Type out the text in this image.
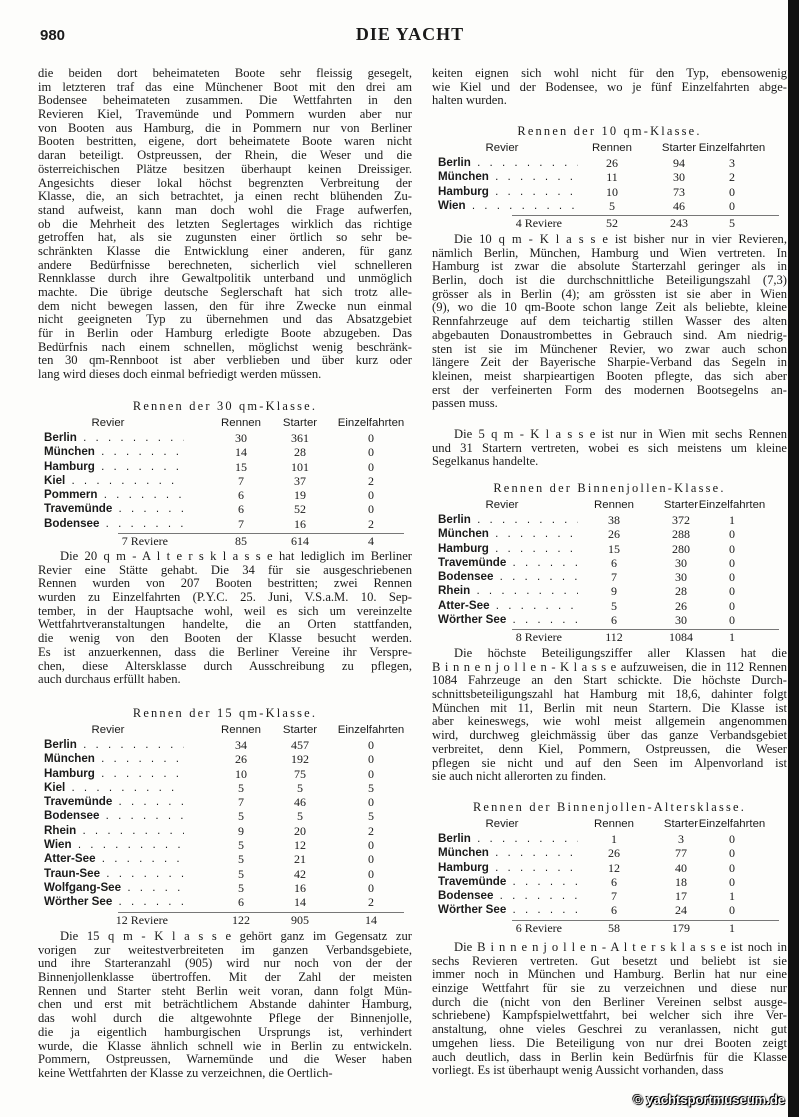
980	DIE YACHT
die beiden dort beheimateten Boote sehr fleissig gesegelt,
im letzteren traf das eine Münchener Boot mit den drei am
Bodensee beheimateten zusammen. Die Wettfahrten in den
Revieren Kiel, Travemünde und Pommern wurden aber nur
von Booten aus Hamburg, die in Pommern nur von Berliner
Booten bestritten, eigene, dort beheimatete Boote waren nicht
daran beteiligt. Ostpreussen, der Rhein, die Weser und die
österreichischen Plätze besitzen überhaupt keinen Dreissiger.
Angesichts dieser lokal höchst begrenzten Verbreitung der
Klasse, die, an sich betrachtet, ja einen recht blühenden Zu-
stand aufweist, kann man doch wohl die Frage aufwerfen,
ob die Mehrheit des letzten Seglertages wirklich das richtige
getroffen hat, als sie zugunsten einer örtlich so sehr be-
schränkten Klasse die Entwicklung einer anderen, für ganz
andere Bedürfnisse berechneten, sicherlich viel schnelleren
Rennklasse durch ihre Gewaltpolitik unterband und unmöglich
machte. Die übrige deutsche Seglerschaft hat sich trotz alle-
dem nicht bewegen lassen, den für ihre Zwecke nun einmal
nicht geeigneten Typ zu übernehmen und das Absatzgebiet
für in Berlin oder Hamburg erledigte Boote abzugeben. Das
Bedürfnis nach einem schnellen, möglichst wenig beschränk-
ten 30 qm-Rennboot ist aber verblieben und über kurz oder
lang wird dieses doch einmal befriedigt werden müssen.
Rennen der 30 qm-Klasse.
Revier	Rennen	Starter	Einzelfahrten
Berlin . . .	30	361	0
München . . .	14	28	0
Hamburg . . .	15	101	0
Kiel . . .	7	37	2
Pommern . . .	6	19	0
Travemünde . . .	6	52	0
Bodensee . . .	7	16	2
7 Reviere	85	614	4
Die 20 q m - A l t e r s k l a s s e hat lediglich im Berliner
Revier eine Stätte gehabt. Die 34 für sie ausgeschriebenen
Rennen wurden von 207 Booten bestritten; zwei Rennen
wurden zu Einzelfahrten (P.Y.C. 25. Juni, V.S.a.M. 10. Sep-
tember, in der Hauptsache wohl, weil es sich um vereinzelte
Wettfahrtveranstaltungen handelte, die an Orten stattfanden,
die wenig von den Booten der Klasse besucht werden.
Es ist anzuerkennen, dass die Berliner Vereine ihr Verspre-
chen, diese Altersklasse durch Ausschreibung zu pflegen,
auch durchaus erfüllt haben.
Rennen der 15 qm-Klasse.
Revier	Rennen	Starter	Einzelfahrten
Berlin . . .	34	457	0
München . . .	26	192	0
Hamburg . . .	10	75	0
Kiel . . .	5	5	5
Travemünde . . .	7	46	0
Bodensee . . .	5	5	5
Rhein . . .	9	20	2
Wien . . .	5	12	0
Atter-See . . .	5	21	0
Traun-See . . .	5	42	0
Wolfgang-See . . .	5	16	0
Wörther See . . .	6	14	2
12 Reviere	122	905	14
Die 15 q m - K l a s s e gehört ganz im Gegensatz zur
vorigen zur weitestverbreiteten im ganzen Verbandsgebiete,
und ihre Starteranzahl (905) wird nur noch von der der
Binnenjollenklasse übertroffen. Mit der Zahl der meisten
Rennen und Starter steht Berlin weit voran, dann folgt Mün-
chen und erst mit beträchtlichem Abstande dahinter Hamburg,
das wohl durch die altgewohnte Pflege der Binnenjolle,
die ja eigentlich hamburgischen Ursprungs ist, verhindert
wurde, die Klasse ähnlich schnell wie in Berlin zu entwickeln.
Pommern, Ostpreussen, Warnemünde und die Weser haben
keine Wettfahrten der Klasse zu verzeichnen, die Oertlich-
keiten eignen sich wohl nicht für den Typ, ebensowenig
wie Kiel und der Bodensee, wo je fünf Einzelfahrten abge-
halten wurden.
Rennen der 10 qm-Klasse.
Revier	Rennen	Starter Einzelfahrten
Berlin . . .	26	94	3
München . . .	11	30	2
Hamburg . . .	10	73	0
Wien . . .	5	46	0
4 Reviere	52	243	5
Die 10 q m - K l a s s e ist bisher nur in vier Revieren,
nämlich Berlin, München, Hamburg und Wien vertreten. In
Hamburg ist zwar die absolute Starterzahl geringer als in
Berlin, doch ist die durchschnittliche Beteiligungszahl (7,3)
grösser als in Berlin (4); am grössten ist sie aber in Wien
(9), wo die 10 qm-Boote schon lange Zeit als beliebte, kleine
Rennfahrzeuge auf dem teichartig stillen Wasser des alten
abgebauten Donaustrombettes in Gebrauch sind. Am niedrig-
sten ist sie im Münchener Revier, wo zwar auch schon
längere Zeit der Bayerische Sharpie-Verband das Segeln in
kleinen, meist sharpieartigen Booten pflegte, das sich aber
erst der verfeinerten Form des modernen Bootsegelns an-
passen muss.
Die 5 q m - K l a s s e ist nur in Wien mit sechs Rennen
und 31 Startern vertreten, wobei es sich meistens um kleine
Segelkanus handelte.
Rennen der Binnenjollen-Klasse.
Revier	Rennen	Starter Einzelfahrten
Berlin . . .	38	372	1
München . . .	26	288	0
Hamburg . . .	15	280	0
Travemünde . . .	6	30	0
Bodensee . . .	7	30	0
Rhein . . .	9	28	0
Atter-See . . .	5	26	0
Wörther See . . .	6	30	0
8 Reviere	112	1084	1
Die höchste Beteiligungsziffer aller Klassen hat die
B i n n e n j o l l e n - K l a s s e aufzuweisen, die in 112 Rennen
1084 Fahrzeuge an den Start schickte. Die höchste Durch-
schnittsbeteiligungszahl hat Hamburg mit 18,6, dahinter folgt
München mit 11, Berlin mit neun Startern. Die Klasse ist
aber keineswegs, wie wohl meist allgemein angenommen
wird, durchweg gleichmässig über das ganze Verbandsgebiet
verbreitet, denn Kiel, Pommern, Ostpreussen, die Weser
pflegen sie nicht und auf den Seen im Alpenvorland ist
sie auch nicht allerorten zu finden.
Rennen der Binnenjollen-Altersklasse.
Revier	Rennen	Starter Einzelfahrten
Berlin . . .	1	3	0
München . . .	26	77	0
Hamburg . . .	12	40	0
Travemünde . . .	6	18	0
Bodensee . . .	7	17	1
Wörther See . . .	6	24	0
6 Reviere	58	179	1
Die B i n n e n j o l l e n - A l t e r s k l a s s e ist noch in
sechs Revieren vertreten. Gut besetzt und beliebt ist sie
immer noch in München und Hamburg. Berlin hat nur eine
einzige Wettfahrt für sie zu verzeichnen und diese nur
durch die (nicht von den Berliner Vereinen selbst ausge-
schriebene) Kampfspielwettfahrt, bei welcher sich ihre Ver-
anstaltung, ohne vieles Geschrei zu veranlassen, nicht gut
umgehen liess. Die Beteiligung von nur drei Booten zeigt
auch deutlich, dass in Berlin kein Bedürfnis für die Klasse
vorliegt. Es ist überhaupt wenig Aussicht vorhanden, dass
© yachtsportmuseum.de
